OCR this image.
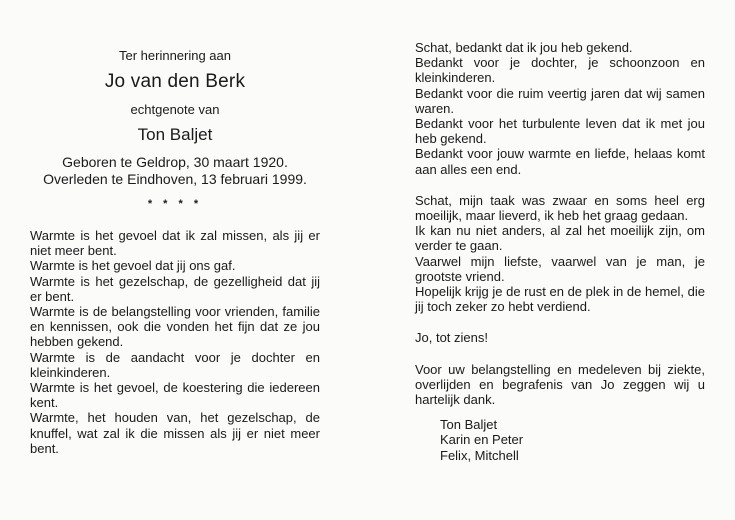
Ter herinnering aan
Jo van den Berk
echtgenote van
Ton Baljet
Geboren te Geldrop, 30 maart 1920.
Overleden te Eindhoven, 13 februari 1999.
* * * *

Warmte is het gevoel dat ik zal missen, als jij er niet meer bent.

Warmte is het gevoel dat jij ons gaf.

Warmte is het gezelschap, de gezelligheid dat jij er bent.

Warmte is de belangstelling voor vrienden, familie en kennissen, ook die vonden het fijn dat ze jou hebben gekend.

Warmte is de aandacht voor je dochter en kleinkinderen.

Warmte is het gevoel, de koestering die iedereen kent.

Warmte, het houden van, het gezelschap, de knuffel, wat zal ik die missen als jij er niet meer bent.

Schat, bedankt dat ik jou heb gekend.

Bedankt voor je dochter, je schoonzoon en kleinkinderen.

Bedankt voor die ruim veertig jaren dat wij samen waren.

Bedankt voor het turbulente leven dat ik met jou heb gekend.

Bedankt voor jouw warmte en liefde, helaas komt aan alles een end.

Schat, mijn taak was zwaar en soms heel erg moeilijk, maar lieverd, ik heb het graag gedaan.

Ik kan nu niet anders, al zal het moeilijk zijn, om verder te gaan.

Vaarwel mijn liefste, vaarwel van je man, je grootste vriend.

Hopelijk krijg je de rust en de plek in de hemel, die jij toch zeker zo hebt verdiend.

Jo, tot ziens!
Voor uw belangstelling en medeleven bij ziekte, overlijden en begrafenis van Jo zeggen wij u hartelijk dank.
Ton Baljet
Karin en Peter
Felix, Mitchell
